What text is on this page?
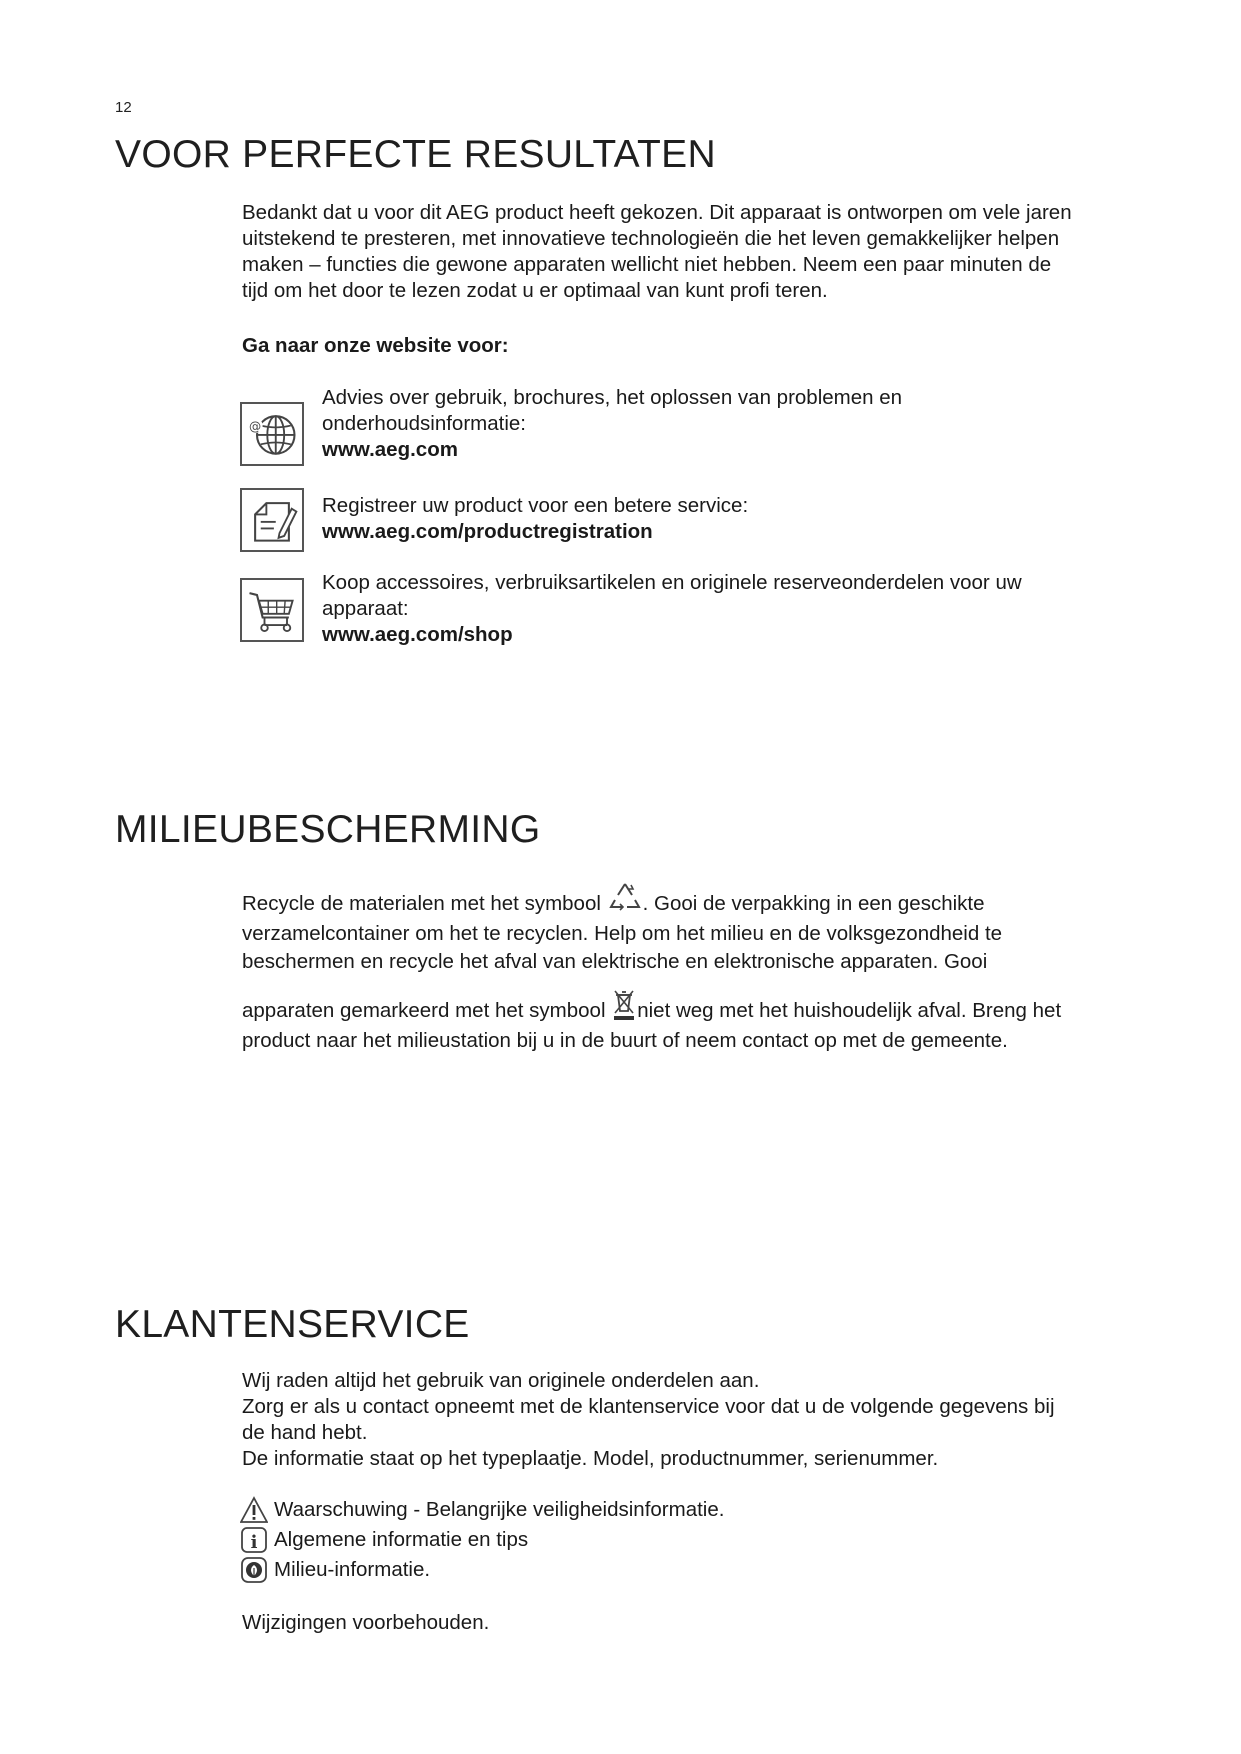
12
VOOR PERFECTE RESULTATEN

Bedankt dat u voor dit AEG product heeft gekozen. Dit apparaat is ontworpen om vele jaren

uitstekend te presteren, met innovatieve technologieën die het leven gemakkelijker helpen

maken – functies die gewone apparaten wellicht niet hebben. Neem een paar minuten de

tijd om het door te lezen zodat u er optimaal van kunt profi teren.

Ga naar onze website voor:
@
Advies over gebruik, brochures, het oplossen van problemen en
onderhoudsinformatie:
www.aeg.com
Registreer uw product voor een betere service:
www.aeg.com/productregistration
Koop accessoires, verbruiksartikelen en originele reserveonderdelen voor uw
apparaat:
www.aeg.com/shop
MILIEUBESCHERMING

Recycle de materialen met het symbool . Gooi de verpakking in een geschikte

verzamelcontainer om het te recyclen. Help om het milieu en de volksgezondheid te

beschermen en recycle het afval van elektrische en elektronische apparaten. Gooi

apparaten gemarkeerd met het symbool niet weg met het huishoudelijk afval. Breng het

product naar het milieustation bij u in de buurt of neem contact op met de gemeente.

KLANTENSERVICE

Wij raden altijd het gebruik van originele onderdelen aan.

Zorg er als u contact opneemt met de klantenservice voor dat u de volgende gegevens bij

de hand hebt.

De informatie staat op het typeplaatje. Model, productnummer, serienummer.

Waarschuwing - Belangrijke veiligheidsinformatie.
i Algemene informatie en tips
Milieu-informatie.
Wijzigingen voorbehouden.
